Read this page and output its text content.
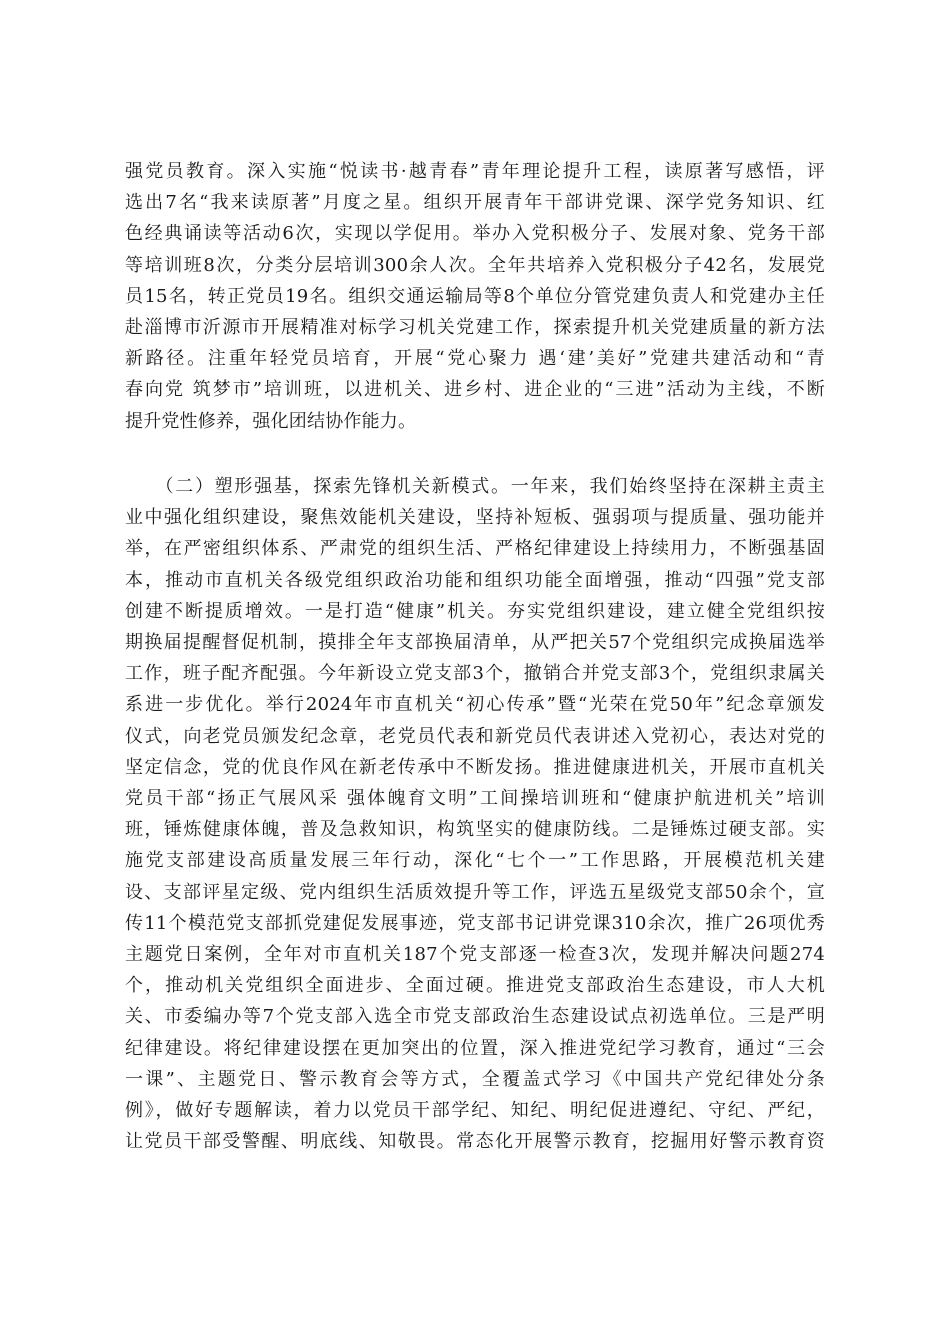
强党员教育。深入实施“悦读书·越青春”青年理论提升工程，读原著写感悟，评
选出7名“我来读原著”月度之星。组织开展青年干部讲党课、深学党务知识、红
色经典诵读等活动6次，实现以学促用。举办入党积极分子、发展对象、党务干部
等培训班8次，分类分层培训300余人次。全年共培养入党积极分子42名，发展党
员15名，转正党员19名。组织交通运输局等8个单位分管党建负责人和党建办主任
赴淄博市沂源市开展精准对标学习机关党建工作，探索提升机关党建质量的新方法
新路径。注重年轻党员培育，开展“党心聚力 遇‘建’美好”党建共建活动和“青
春向党 筑梦市”培训班，以进机关、进乡村、进企业的“三进”活动为主线，不断
提升党性修养，强化团结协作能力。
　　（二）塑形强基，探索先锋机关新模式。一年来，我们始终坚持在深耕主责主
业中强化组织建设，聚焦效能机关建设，坚持补短板、强弱项与提质量、强功能并
举，在严密组织体系、严肃党的组织生活、严格纪律建设上持续用力，不断强基固
本，推动市直机关各级党组织政治功能和组织功能全面增强，推动“四强”党支部
创建不断提质增效。一是打造“健康”机关。夯实党组织建设，建立健全党组织按
期换届提醒督促机制，摸排全年支部换届清单，从严把关57个党组织完成换届选举
工作，班子配齐配强。今年新设立党支部3个，撤销合并党支部3个，党组织隶属关
系进一步优化。举行2024年市直机关“初心传承”暨“光荣在党50年”纪念章颁发
仪式，向老党员颁发纪念章，老党员代表和新党员代表讲述入党初心，表达对党的
坚定信念，党的优良作风在新老传承中不断发扬。推进健康进机关，开展市直机关
党员干部“扬正气展风采 强体魄育文明”工间操培训班和“健康护航进机关”培训
班，锤炼健康体魄，普及急救知识，构筑坚实的健康防线。二是锤炼过硬支部。实
施党支部建设高质量发展三年行动，深化“七个一”工作思路，开展模范机关建
设、支部评星定级、党内组织生活质效提升等工作，评选五星级党支部50余个，宣
传11个模范党支部抓党建促发展事迹，党支部书记讲党课310余次，推广26项优秀
主题党日案例，全年对市直机关187个党支部逐一检查3次，发现并解决问题274
个，推动机关党组织全面进步、全面过硬。推进党支部政治生态建设，市人大机
关、市委编办等7个党支部入选全市党支部政治生态建设试点初选单位。三是严明
纪律建设。将纪律建设摆在更加突出的位置，深入推进党纪学习教育，通过“三会
一课”、主题党日、警示教育会等方式，全覆盖式学习《中国共产党纪律处分条
例》，做好专题解读，着力以党员干部学纪、知纪、明纪促进遵纪、守纪、严纪，
让党员干部受警醒、明底线、知敬畏。常态化开展警示教育，挖掘用好警示教育资
